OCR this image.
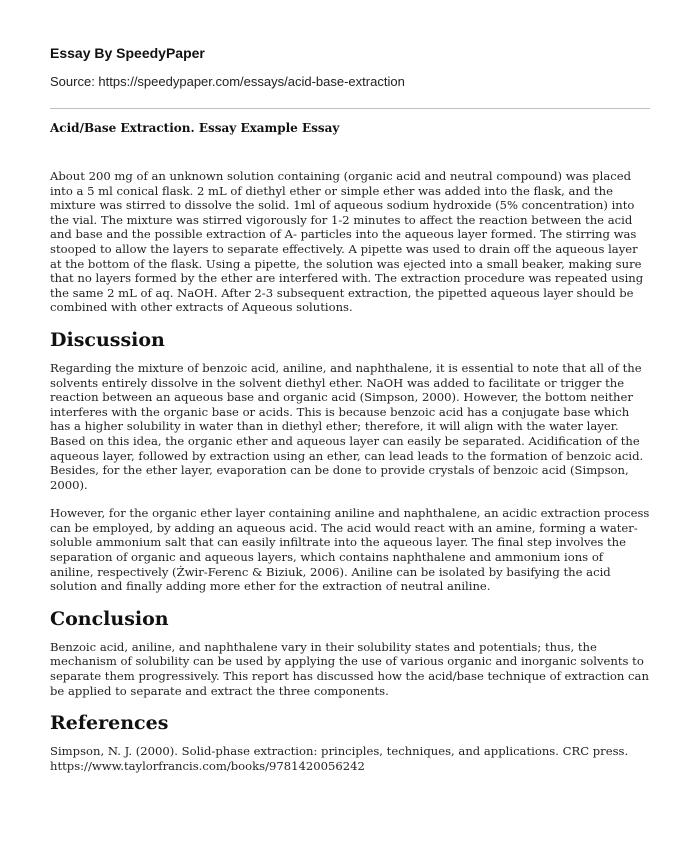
Essay By SpeedyPaper
Source: https://speedypaper.com/essays/acid-base-extraction
Acid/Base Extraction. Essay Example Essay

About 200 mg of an unknown solution containing (organic acid and neutral compound) was placed into a 5 ml conical flask. 2 mL of diethyl ether or simple ether was added into the flask, and the mixture was stirred to dissolve the solid. 1ml of aqueous sodium hydroxide (5% concentration) into the vial. The mixture was stirred vigorously for 1-2 minutes to affect the reaction between the acid and base and the possible extraction of A- particles into the aqueous layer formed. The stirring was stooped to allow the layers to separate effectively. A pipette was used to drain off the aqueous layer at the bottom of the flask. Using a pipette, the solution was ejected into a small beaker, making sure that no layers formed by the ether are interfered with. The extraction procedure was repeated using the same 2 mL of aq. NaOH. After 2-3 subsequent extraction, the pipetted aqueous layer should be combined with other extracts of Aqueous solutions.

Discussion

Regarding the mixture of benzoic acid, aniline, and naphthalene, it is essential to note that all of the solvents entirely dissolve in the solvent diethyl ether. NaOH was added to facilitate or trigger the reaction between an aqueous base and organic acid (Simpson, 2000). However, the bottom neither interferes with the organic base or acids. This is because benzoic acid has a conjugate base which has a higher solubility in water than in diethyl ether; therefore, it will align with the water layer. Based on this idea, the organic ether and aqueous layer can easily be separated. Acidification of the aqueous layer, followed by extraction using an ether, can lead leads to the formation of benzoic acid. Besides, for the ether layer, evaporation can be done to provide crystals of benzoic acid (Simpson, 2000).

However, for the organic ether layer containing aniline and naphthalene, an acidic extraction process can be employed, by adding an aqueous acid. The acid would react with an amine, forming a water-soluble ammonium salt that can easily infiltrate into the aqueous layer. The final step involves the separation of organic and aqueous layers, which contains naphthalene and ammonium ions of aniline, respectively (Żwir-Ferenc & Biziuk, 2006). Aniline can be isolated by basifying the acid solution and finally adding more ether for the extraction of neutral aniline.

Conclusion

Benzoic acid, aniline, and naphthalene vary in their solubility states and potentials; thus, the mechanism of solubility can be used by applying the use of various organic and inorganic solvents to separate them progressively. This report has discussed how the acid/base technique of extraction can be applied to separate and extract the three components.

References

Simpson, N. J. (2000). Solid-phase extraction: principles, techniques, and applications. CRC press.

https://www.taylorfrancis.com/books/9781420056242
